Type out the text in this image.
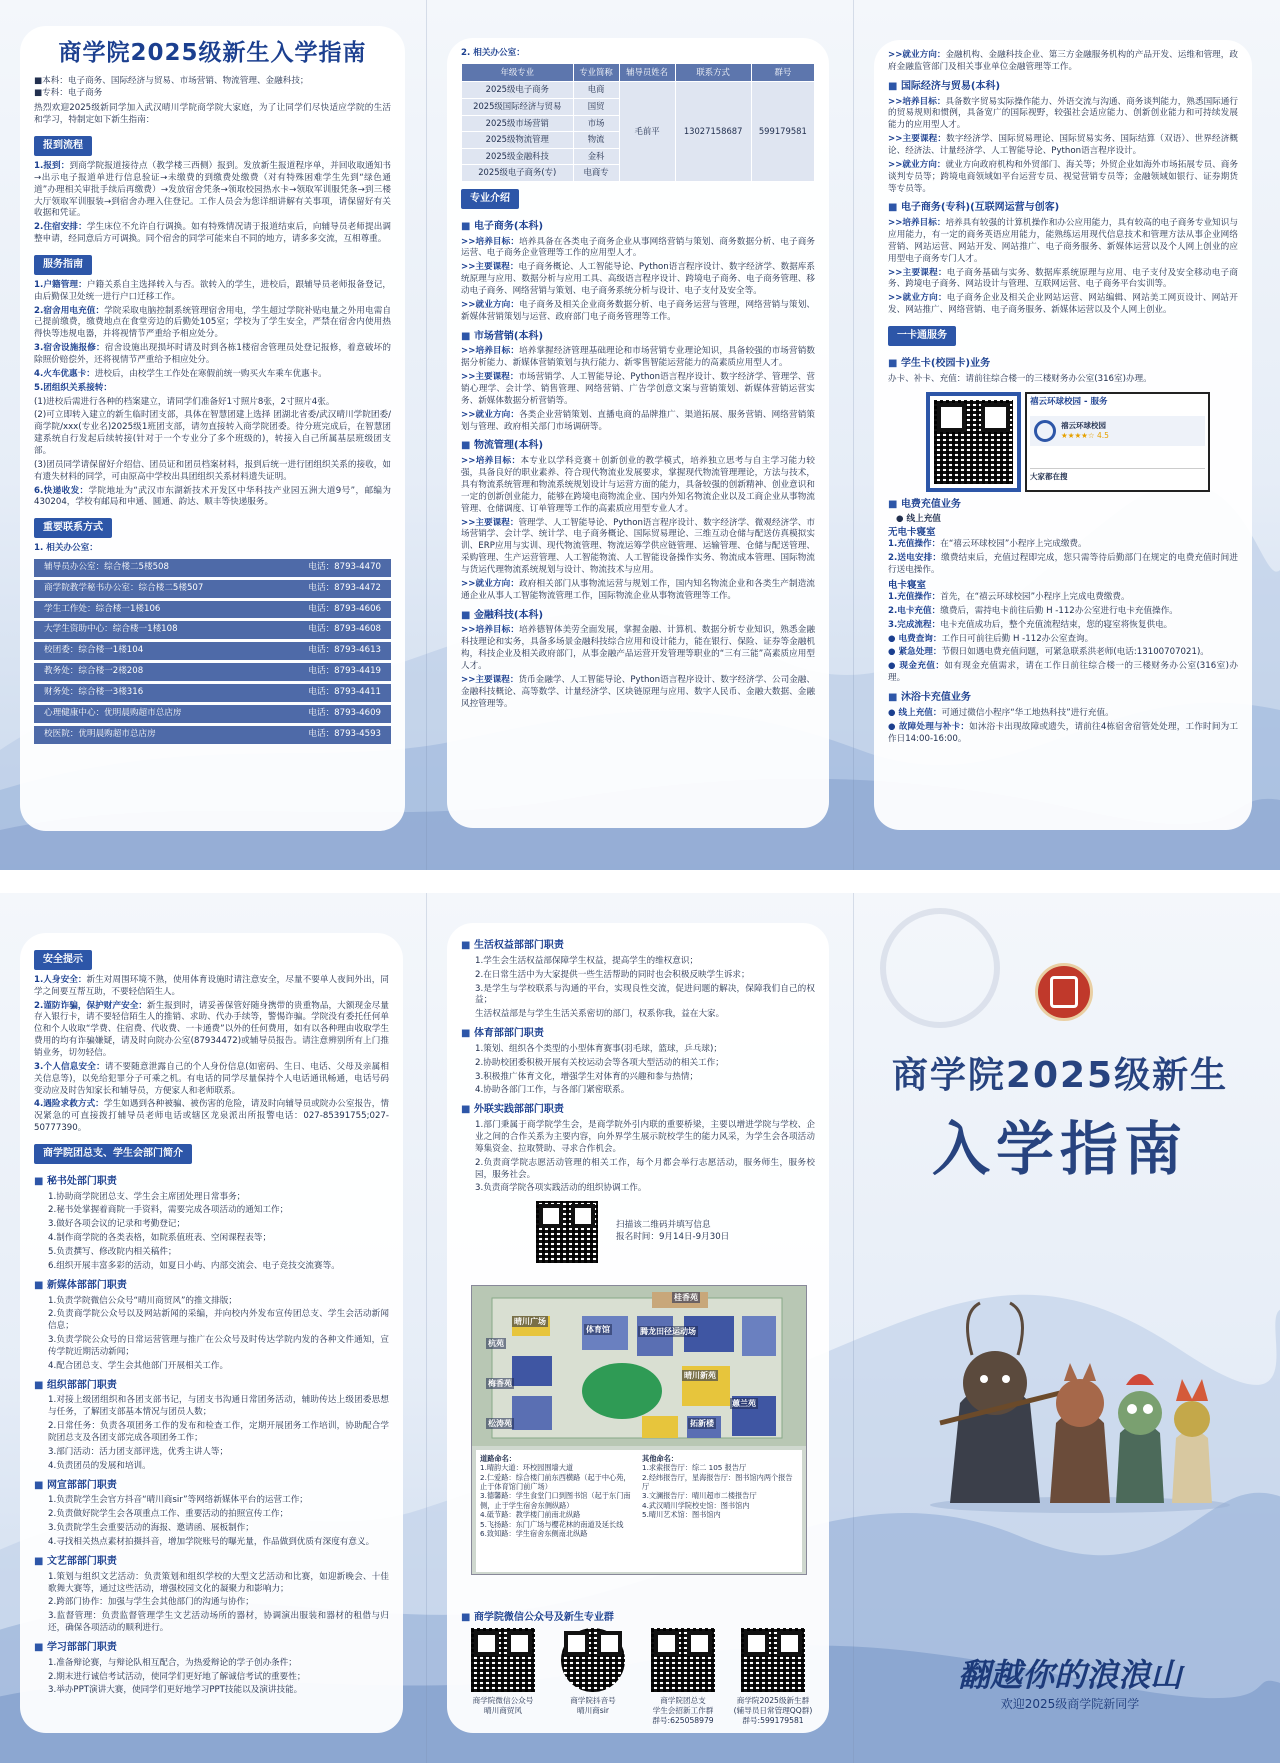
商学院2025级新生入学指南
■本科：电子商务、国际经济与贸易、市场营销、物流管理、金融科技；
■专科：电子商务
热烈欢迎2025级新同学加入武汉晴川学院商学院大家庭，为了让同学们尽快适应学院的生活和学习，特制定如下新生指南：
报到流程
1.报到：到商学院报道接待点（教学楼三西侧）报到。发放新生报道程序单，并回收取通知书→出示电子报道单进行信息验证→未缴费的到缴费处缴费（对有特殊困难学生先到“绿色通道”办理相关审批手续后再缴费）→发放宿舍凭条→领取校园热水卡→领取军训服凭条→到三楼大厅领取军训服装→到宿舍办理入住登记。工作人员会为您详细讲解有关事项，请保留好有关收据和凭证。
2.住宿安排：学生床位不允许自行调换。如有特殊情况请于报道结束后，向辅导员老师提出调整申请，经同意后方可调换。同个宿舍的同学可能来自不同的地方，请多多交流，互相尊重。
服务指南
1.户籍管理：户籍关系自主选择转入与否。欲转入的学生，进校后，跟辅导员老师报备登记，由后勤保卫处统一进行户口迁移工作。
2.宿舍用电充值：学院采取电脑控制系统管理宿舍用电，学生超过学院补贴电量之外用电需自己提前缴费，缴费地点在食堂旁边的后勤处105室；学校为了学生安全，严禁在宿舍内使用热得快等违规电器，并将视情节严重给予相应处分。
3.宿舍设施报修：宿舍设施出现损坏时请及时到各栋1楼宿舍管理员处登记报修，着意破坏的除照价赔偿外，还将视情节严重给予相应处分。
4.火车优惠卡：进校后，由校学生工作处在寒假前统一购买火车乘车优惠卡。
5.团组织关系接转：
(1)进校后需进行各种的档案建立，请同学们准备好1寸照片8张，2寸照片4张。
(2)可立即转入建立的新生临时团支部，具体在智慧团建上选择 团湖北省委/武汉晴川学院团委/商学院/xxx(专业名)2025级1班团支部，请勿直接转入商学院团委。待分班完成后，在智慧团建系统自行发起后续转接(针对于一个专业分了多个班级的)，转接入自己所属基层班级团支部。
(3)团员同学请保留好介绍信、团员证和团员档案材料，报到后统一进行团组织关系的接收，如有遗失材料的同学，可由原高中学校出具团组织关系材料遗失证明。
6.快递收发：学院地址为“武汉市东湖新技术开发区中华科技产业园五洲大道9号”，邮编为430204，学校有邮局和申通、圆通、韵达、顺丰等快递服务。
重要联系方式
1. 相关办公室：
辅导员办公室：综合楼二5楼508	电话：8793-4470
商学院教学秘书办公室：综合楼二5楼507	电话：8793-4472
学生工作处：综合楼一1楼106	电话：8793-4606
大学生资助中心：综合楼一1楼108	电话：8793-4608
校团委：综合楼一1楼104	电话：8793-4613
教务处：综合楼一2楼208	电话：8793-4419
财务处：综合楼一3楼316	电话：8793-4411
心理健康中心：优明晨购超市总店房	电话：8793-4609
校医院：优明晨购超市总店房	电话：8793-4593
2. 相关办公室：
年级专业	专业简称	辅导员姓名	联系方式	群号
2025级电子商务	电商	毛前平	13027158687	599179581
2025级国际经济与贸易	国贸			
2025级市场营销	市场			
2025级物流管理	物流			
2025级金融科技	金科			
2025级电子商务(专)	电商专			
专业介绍
■ 电子商务(本科)
>>培养目标：培养具备在各类电子商务企业从事网络营销与策划、商务数据分析、电子商务运营、电子商务企业管理等工作的应用型人才。
>>主要课程：电子商务概论、人工智能导论、Python语言程序设计、数字经济学、数据库系统原理与应用、数据分析与应用工具、高级语言程序设计、跨境电子商务、电子商务管理、移动电子商务、网络营销与策划、电子商务系统分析与设计、电子支付及安全等。
>>就业方向：电子商务及相关企业商务数据分析、电子商务运营与管理，网络营销与策划、新媒体营销策划与运营、政府部门电子商务管理等工作。
■ 市场营销(本科)
>>培养目标：培养掌握经济管理基础理论和市场营销专业理论知识，具备较强的市场营销数据分析能力、新媒体营销策划与执行能力、新零售智能运营能力的高素质应用型人才。
>>主要课程：市场营销学、人工智能导论、Python语言程序设计、数字经济学、管理学、营销心理学、会计学、销售管理、网络营销、广告学创意文案与营销策划、新媒体营销运营实务、新媒体数据分析营销等。
>>就业方向：各类企业营销策划、直播电商的品牌推广、渠道拓展、服务营销、网络营销策划与管理、政府相关部门市场调研等。
■ 物流管理(本科)
>>培养目标：本专业以学科竞赛＋创新创业的教学模式，培养独立思考与自主学习能力较强，具备良好的职业素养、符合现代物流业发展要求，掌握现代物流管理理论，方法与技术，具有物流系统管理和物流系统规划设计与运营方面的能力，具备较强的创新精神、创业意识和一定的创新创业能力，能够在跨境电商物流企业、国内外知名物流企业以及工商企业从事物流管理、仓储调度、订单管理等工作的高素质应用型专业人才。
>>主要课程：管理学、人工智能导论、Python语言程序设计、数字经济学、微观经济学、市场营销学、会计学、统计学、电子商务概论、国际贸易理论、三维互动仓储与配送仿真模拟实训、ERP应用与实训、现代物流管理、物流运筹学供应链管理、运输管理、仓储与配送管理、采购管理、生产运营管理、人工智能物流、人工智能设备操作实务、物流成本管理、国际物流与货运代理物流系统规划与设计、物流技术与应用。
>>就业方向：政府相关部门从事物流运营与规划工作，国内知名物流企业和各类生产制造流通企业从事人工智能物流管理工作，国际物流企业从事物流管理等工作。
■ 金融科技(本科)
>>培养目标：培养德智体美劳全面发展，掌握金融、计算机、数据分析专业知识，熟悉金融科技理论和实务，具备多场景金融科技综合应用和设计能力，能在银行、保险、证券等金融机构，科技企业及相关政府部门，从事金融产品运营开发管理等职业的“三有三能”高素质应用型人才。
>>主要课程：货币金融学、人工智能导论、Python语言程序设计、数字经济学、公司金融、金融科技概论、高等数学、计量经济学、区块链原理与应用、数字人民币、金融大数据、金融风控管理等。
>>就业方向：金融机构、金融科技企业、第三方金融服务机构的产品开发、运维和管理，政府金融监管部门及相关事业单位金融管理等工作。
■ 国际经济与贸易(本科)
>>培养目标：具备数字贸易实际操作能力、外语交流与沟通、商务谈判能力，熟悉国际通行的贸易规则和惯例，具备宽广的国际视野，较强社会适应能力、创新创业能力和可持续发展能力的应用型人才。
>>主要课程：数字经济学、国际贸易理论、国际贸易实务、国际结算（双语）、世界经济概论、经济法、计量经济学、人工智能导论、Python语言程序设计。
>>就业方向：就业方向政府机构和外贸部门、海关等；外贸企业如海外市场拓展专员、商务谈判专员等；跨境电商领域如平台运营专员、视觉营销专员等；金融领域如银行、证券期货等专员等。
■ 电子商务(专科)(互联网运营与创客)
>>培养目标：培养具有较强的计算机操作和办公应用能力，具有较高的电子商务专业知识与应用能力，有一定的商务英语应用能力，能熟练运用现代信息技术和管理方法从事企业网络营销、网站运营、网站开发、网站推广、电子商务服务、新媒体运营以及个人网上创业的应用型电子商务专门人才。
>>主要课程：电子商务基础与实务、数据库系统原理与应用、电子支付及安全移动电子商务、跨境电子商务、网站设计与管理、互联网运营、电子商务平台实训等。
>>就业方向：电子商务企业及相关企业网站运营、网站编辑、网站美工网页设计、网站开发、网站推广、网络营销、电子商务服务、新媒体运营以及个人网上创业。
一卡通服务
■ 学生卡(校园卡)业务
办卡、补卡、充值：请前往综合楼一的三楼财务办公室(316室)办理。
禧云环球校园 - 服务
禧云环球校园
★★★★☆ 4.5
大家都在搜
■ 电费充值业务
● 线上充值
无电卡寝室
1.充值操作：在“禧云环球校园”小程序上完成缴费。
2.送电安排：缴费结束后，充值过程即完成，您只需等待后勤部门在规定的电费充值时间进行送电操作。
电卡寝室
1.充值操作：首先，在“禧云环球校园”小程序上完成电费缴费。
2.电卡充值：缴费后，需持电卡前往后勤 H -112办公室进行电卡充值操作。
3.完成流程：电卡充值成功后，整个充值流程结束，您的寝室将恢复供电。
● 电费查询：工作日可前往后勤 H -112办公室查询。
● 紧急处理：节假日如遇电费充值问题，可紧急联系洪老师(电话:13100707021)。
● 现金充值：如有现金充值需求，请在工作日前往综合楼一的三楼财务办公室(316室)办理。
■ 沐浴卡充值业务
● 线上充值：可通过微信小程序“华工地热科技”进行充值。
● 故障处理与补卡：如沐浴卡出现故障或遗失，请前往4栋宿舍宿管处处理，工作时间为工作日14:00-16:00。
安全提示
1.人身安全：新生对周围环境不熟，使用体育设施时请注意安全，尽量不要单人夜间外出，同学之间要互帮互助，不要轻信陌生人。
2.谨防诈骗，保护财产安全：新生报到时，请妥善保管好随身携带的贵重物品，大额现金尽量存入银行卡，请不要轻信陌生人的推销、求助、代办手续等，警惕诈骗。学院没有委托任何单位和个人收取“学费、住宿费、代收费、一卡通费”以外的任何费用，如有以各种理由收取学生费用的均有诈骗嫌疑，请及时向院办公室(87934472)或辅导员报告。请注意辨别所有上门推销业务，切勿轻信。
3.个人信息安全：请不要随意泄露自己的个人身份信息(如密码、生日、电话、父母及亲属相关信息等)，以免给犯罪分子可乘之机。有电话的同学尽量保持个人电话通讯畅通，电话号码变动应及时告知家长和辅导员，方便家人和老师联系。
4.遇险求救方式：学生如遇到各种被骗、被伤害的危险，请及时向辅导员或院办公室报告，情况紧急的可直接拨打辅导员老师电话或辖区龙泉派出所报警电话：027-85391755;027-50777390。
商学院团总支、学生会部门简介
■ 秘书处部门职责
1.协助商学院团总支、学生会主席团处理日常事务；
2.秘书处掌握着商院一手资料，需要完成各项活动的通知工作；
3.做好各项会议的记录和考勤登记；
4.制作商学院的各类表格，如院系值班表、空闲课程表等；
5.负责撰写、修改院内相关稿件；
6.组织开展丰富多彩的活动，如夏日小屿、内部交流会、电子竞技交流赛等。
■ 新媒体部部门职责
1.负责学院微信公众号“晴川商贸风”的推文排版；
2.负责商学院公众号以及网站新闻的采编，并向校内外发布宣传团总支、学生会活动新闻信息；
3.负责学院公众号的日常运营管理与推广在公众号及时传达学院内发的各种文件通知，宣传学院近期活动新闻；
4.配合团总支、学生会其他部门开展相关工作。
■ 组织部部门职责
1.对接上级团组织和各团支部书记，与团支书沟通日常团务活动，辅助传达上级团委思想与任务，了解团支部基本情况与团员人数；
2.日常任务：负责各项团务工作的发布和检查工作，定期开展团务工作培训，协助配合学院团总支及各团支部完成各项团务工作；
3.部门活动：活力团支部评选，优秀主讲人等；
4.负责团员的发展和培训。
■ 网宣部部门职责
1.负责院学生会官方抖音“晴川商sir”等网络新媒体平台的运营工作；
2.负责做好院学生会各项重点工作、重要活动的拍照宣传工作；
3.负责院学生会重要活动的海报、邀请函、展板制作；
4.寻找相关热点素材拍摄抖音，增加学院账号的曝光量，作品做到优质有深度有意义。
■ 文艺部部门职责
1.策划与组织文艺活动：负责策划和组织学校的大型文艺活动和比赛，如迎新晚会、十佳歌舞大赛等，通过这些活动，增强校园文化的凝聚力和影响力；
2.跨部门协作：加强与学生会其他部门的沟通与协作；
3.监督管理：负责监督管理学生文艺活动场所的器材，协调演出服装和器材的租借与归还，确保各项活动的顺利进行。
■ 学习部部门职责
1.准备辩论赛，与辩论队相互配合，为热爱辩论的学子创办条件；
2.期末进行诚信考试活动，使同学们更好地了解诚信考试的重要性；
3.举办PPT演讲大赛，使同学们更好地学习PPT技能以及演讲技能。
■ 生活权益部部门职责
1.学生会生活权益部保障学生权益，提高学生的维权意识；
2.在日常生活中为大家提供一些生活帮助的同时也会积极反映学生诉求；
3.是学生与学校联系与沟通的平台，实现良性交流，促进问题的解决，保障我们自己的权益；
生活权益部是与学生生活关系密切的部门，权系你我，益在大家。
■ 体育部部门职责
1.策划、组织各个类型的小型体育赛事(羽毛球，篮球，乒乓球)；
2.协助校团委积极开展有关校运动会等各项大型活动的相关工作；
3.积极推广体育文化，增强学生对体育的兴趣和参与热情；
4.协助各部门工作，与各部门紧密联系。
■ 外联实践部部门职责
1.部门秉属于商学院学生会，是商学院外引内联的重要桥梁，主要以增进学院与学校、企业之间的合作关系为主要内容，向外界学生展示院校学生的能力风采，为学生会各项活动筹集资金、拉取赞助、寻求合作机会。
2.负责商学院志愿活动管理的相关工作，每个月都会举行志愿活动，服务师生，服务校园，服务社会。
3.负责商学院各项实践活动的组织协调工作。
扫描该二维码并填写信息
报名时间：9月14日-9月30日
桂香苑
杭苑
梅香苑
松涛苑
蕙兰苑
晴川广场
体育馆	腾龙田径运动场
晴川新苑
拓新楼
道路命名：
1.晴韵大道：环校园围墙大道
2.仁爱路：综合楼门前东西横路（起于中心苑，止于体育馆门前广场）
3.德馨路：学生食堂门口到图书馆（起于东门南侧，止于学生宿舍东侧纵路）
4.砥节路：教学楼门前南北纵路
5.飞扬路：东门广场与樱花林的南道及延长线
6.致知路：学生宿舍东侧南北纵路
其他命名：
1.求索报告厅：综二 105 报告厅
2.经纬报告厅，星海报告厅：图书馆内两个报告厅
3.文澜报告厅：晴川超市二楼报告厅
4.武汉晴川学院校史馆：图书馆内
5.晴川艺术馆：图书馆内
■ 商学院微信公众号及新生专业群
商学院微信公众号
晴川商贸风
商学院抖音号
晴川商sir
商学院团总支
学生会招新工作群
群号:625058979
商学院2025级新生群
(辅导员日常管理QQ群)
群号:599179581
商学院2025级新生
入学指南
翻越你的浪浪山
欢迎2025级商学院新同学
